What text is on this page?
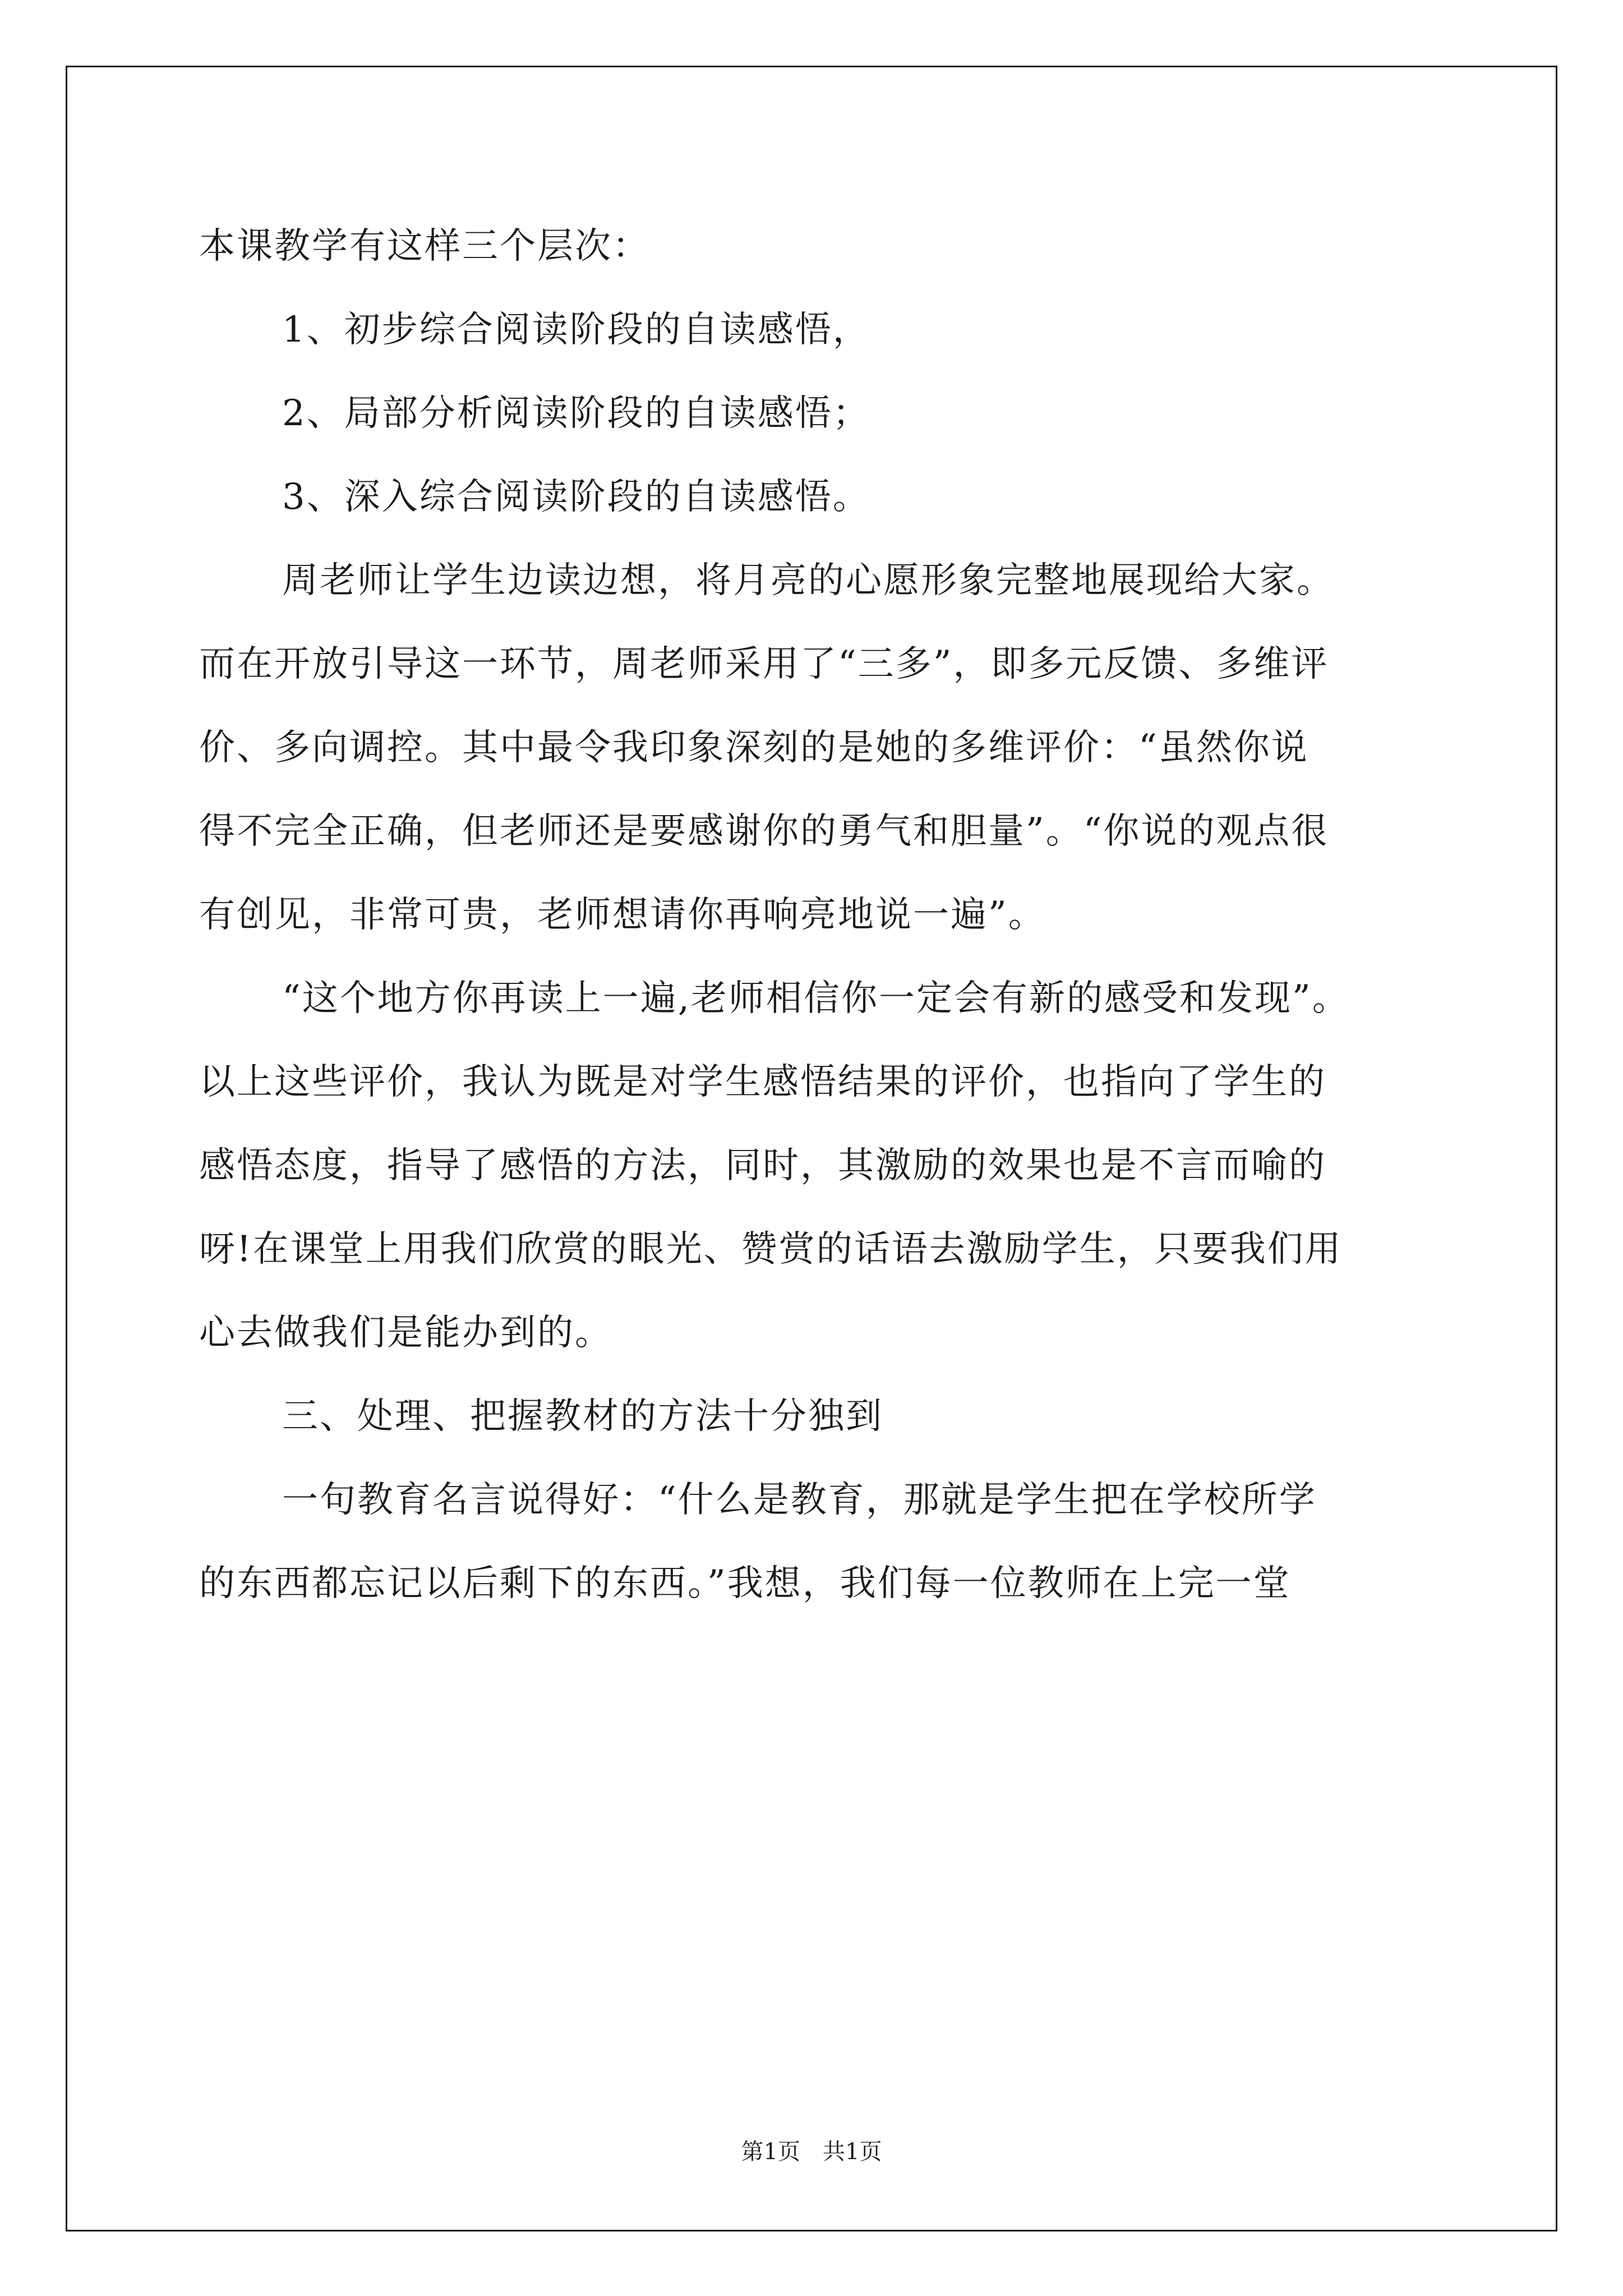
本课教学有这样三个层次：

1、初步综合阅读阶段的自读感悟，

2、局部分析阅读阶段的自读感悟；

3、深入综合阅读阶段的自读感悟。

周老师让学生边读边想，将月亮的心愿形象完整地展现给大家。

而在开放引导这一环节，周老师采用了“三多”，即多元反馈、多维评

价、多向调控。其中最令我印象深刻的是她的多维评价：“虽然你说

得不完全正确，但老师还是要感谢你的勇气和胆量”。“你说的观点很

有创见，非常可贵，老师想请你再响亮地说一遍”。

“这个地方你再读上一遍,老师相信你一定会有新的感受和发现”。

以上这些评价，我认为既是对学生感悟结果的评价，也指向了学生的

感悟态度，指导了感悟的方法，同时，其激励的效果也是不言而喻的

呀!在课堂上用我们欣赏的眼光、赞赏的话语去激励学生，只要我们用

心去做我们是能办到的。

三、处理、把握教材的方法十分独到

一句教育名言说得好：“什么是教育，那就是学生把在学校所学

的东西都忘记以后剩下的东西。”我想，我们每一位教师在上完一堂

第1页　共1页
